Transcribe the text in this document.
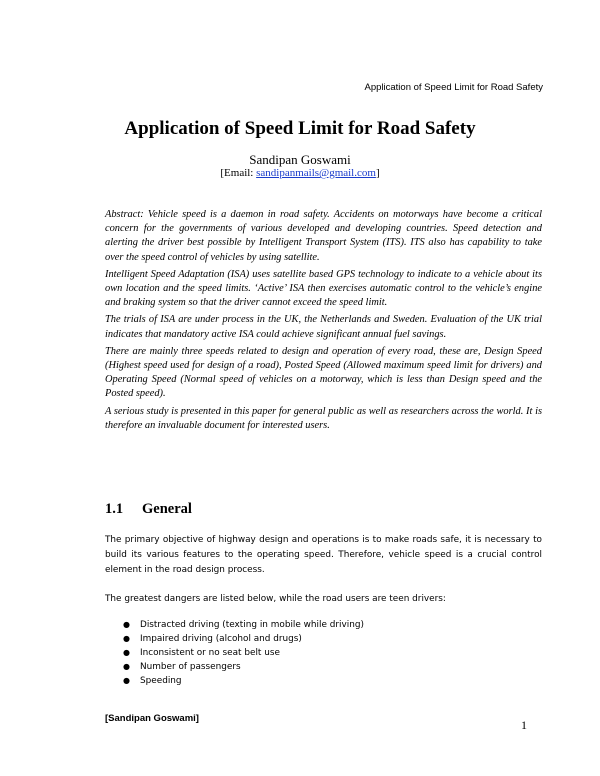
Application of Speed Limit for Road Safety
Application of Speed Limit for Road Safety
Sandipan Goswami
[Email: sandipanmails@gmail.com]

Abstract: Vehicle speed is a daemon in road safety. Accidents on motorways have become a critical concern for the governments of various developed and developing countries. Speed detection and alerting the driver best possible by Intelligent Transport System (ITS). ITS also has capability to take over the speed control of vehicles by using satellite.

Intelligent Speed Adaptation (ISA) uses satellite based GPS technology to indicate to a vehicle about its own location and the speed limits. ‘Active’ ISA then exercises automatic control to the vehicle’s engine and braking system so that the driver cannot exceed the speed limit.

The trials of ISA are under process in the UK, the Netherlands and Sweden. Evaluation of the UK trial indicates that mandatory active ISA could achieve significant annual fuel savings.

There are mainly three speeds related to design and operation of every road, these are, Design Speed (Highest speed used for design of a road), Posted Speed (Allowed maximum speed limit for drivers) and Operating Speed (Normal speed of vehicles on a motorway, which is less than Design speed and the Posted speed).

A serious study is presented in this paper for general public as well as researchers across the world. It is therefore an invaluable document for interested users.

1.1 General

The primary objective of highway design and operations is to make roads safe, it is necessary to build its various features to the operating speed. Therefore, vehicle speed is a crucial control element in the road design process.

The greatest dangers are listed below, while the road users are teen drivers:
● Distracted driving (texting in mobile while driving)
● Impaired driving (alcohol and drugs)
● Inconsistent or no seat belt use
● Number of passengers
● Speeding
[Sandipan Goswami]	1
